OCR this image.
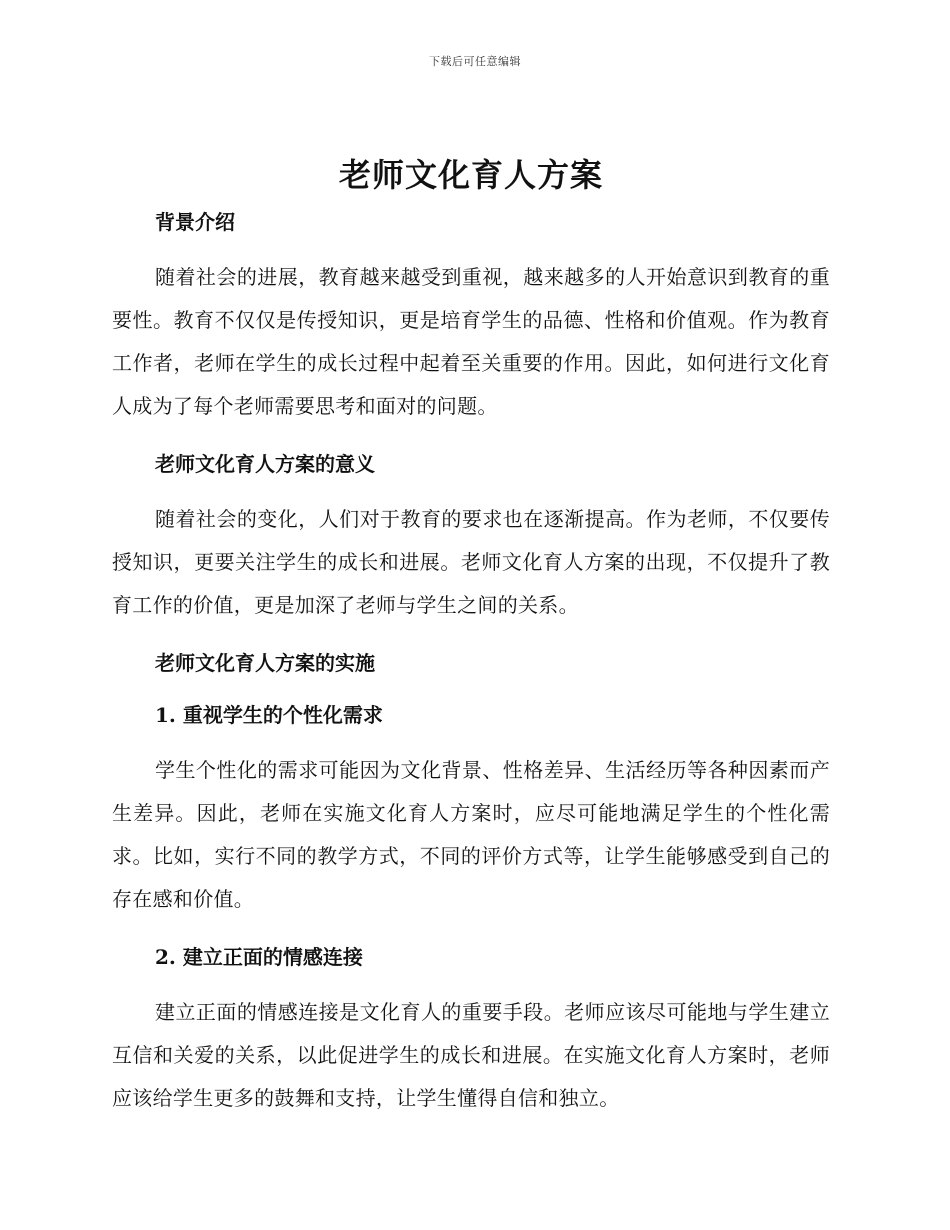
下载后可任意编辑
老师文化育人方案
背景介绍

随着社会的进展，教育越来越受到重视，越来越多的人开始意识到教育的重要性。教育不仅仅是传授知识，更是培育学生的品德、性格和价值观。作为教育工作者，老师在学生的成长过程中起着至关重要的作用。因此，如何进行文化育人成为了每个老师需要思考和面对的问题。

老师文化育人方案的意义

随着社会的变化，人们对于教育的要求也在逐渐提高。作为老师，不仅要传授知识，更要关注学生的成长和进展。老师文化育人方案的出现，不仅提升了教育工作的价值，更是加深了老师与学生之间的关系。

老师文化育人方案的实施
1. 重视学生的个性化需求

学生个性化的需求可能因为文化背景、性格差异、生活经历等各种因素而产生差异。因此，老师在实施文化育人方案时，应尽可能地满足学生的个性化需求。比如，实行不同的教学方式，不同的评价方式等，让学生能够感受到自己的存在感和价值。

2. 建立正面的情感连接

建立正面的情感连接是文化育人的重要手段。老师应该尽可能地与学生建立互信和关爱的关系，以此促进学生的成长和进展。在实施文化育人方案时，老师应该给学生更多的鼓舞和支持，让学生懂得自信和独立。
